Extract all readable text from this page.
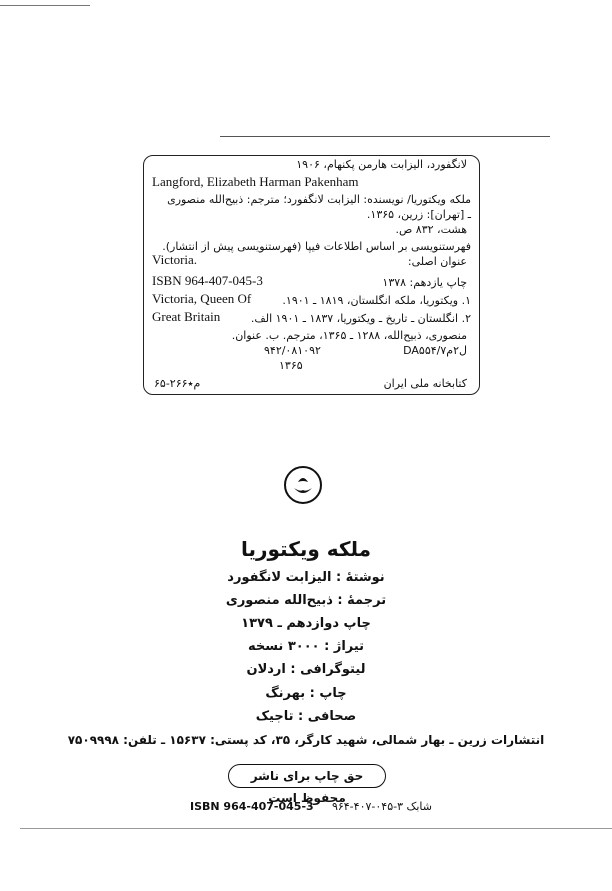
لانگفورد، الیزابت هارمن پکنهام، ۱۹۰۶
Langford, Elizabeth Harman Pakenham
ملکه ویکتوریا/ نویسنده: الیزابت لانگفورد؛ مترجم: ذبیح‌الله منصوری
ـ [تهران]: زرین، ۱۳۶۵.
هشت، ۸۳۲ ص.
فهرستنویسی بر اساس اطلاعات فیپا (فهرستنویسی پیش از انتشار).
عنوان اصلی:
Victoria.
ISBN 964-407-045-3	چاپ یازدهم: ۱۳۷۸
Victoria, Queen Of	۱. ویکتوریا، ملکه انگلستان، ۱۸۱۹ ـ ۱۹۰۱.
Great Britain	۲. انگلستان ـ تاریخ ـ ویکتوریا، ۱۸۳۷ ـ ۱۹۰۱ الف.
منصوری، ذبیح‌الله، ۱۲۸۸ ـ ۱۳۶۵، مترجم. ب. عنوان.
DA۵۵۴/ل۲م۷
۹۴۲/۰۸۱۰۹۲
۱۳۶۵
کتابخانه ملی ایران
۶۵-۲۶۶م٭
ملکه ویکتوریا
نوشتهٔ : الیزابت لانگفورد
ترجمهٔ : ذبیح‌الله منصوری
چاپ دوازدهم ـ ۱۳۷۹
تیراژ : ۳۰۰۰ نسخه
لیتوگرافی : اردلان
چاپ : بهرنگ
صحافی : تاجیک
انتشارات زرین ـ بهار شمالی، شهید کارگر، ۳۵، کد پستی: ۱۵۶۳۷ ـ تلفن: ۷۵۰۹۹۹۸
حق چاپ برای ناشر محفوظ است
ISBN 964-407-045-3 شابک ۳-۰۴۵-۴۰۷-۹۶۴
